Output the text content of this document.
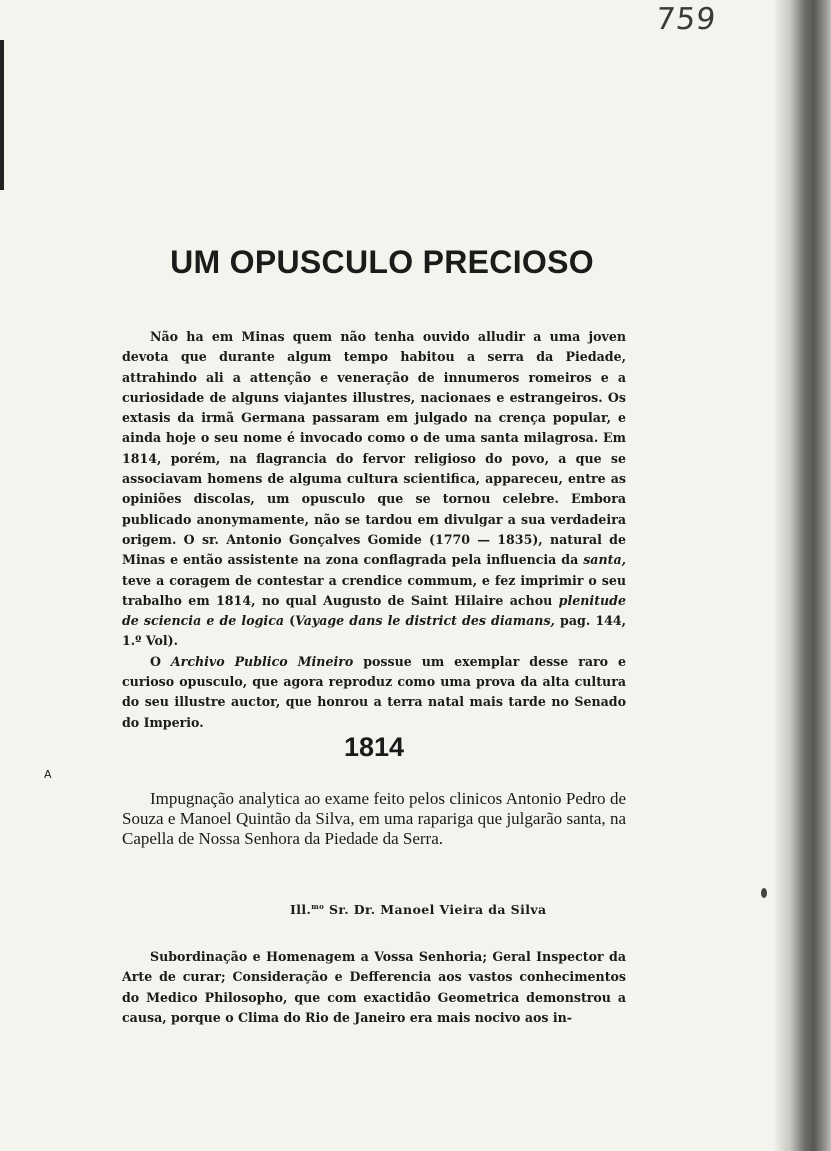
759
UM OPUSCULO PRECIOSO

Não ha em Minas quem não tenha ouvido alludir a uma joven devota que durante algum tempo habitou a serra da Piedade, attrahindo ali a attenção e veneração de innumeros romeiros e a curiosidade de alguns viajantes illustres, nacionaes e estrangeiros. Os extasis da irmã Germana passaram em julgado na crença popular, e ainda hoje o seu nome é invocado como o de uma santa milagrosa. Em 1814, porém, na flagrancia do fervor religioso do povo, a que se associavam homens de alguma cultura scientifica, appareceu, entre as opiniões discolas, um opusculo que se tornou celebre. Embora publicado anonymamente, não se tardou em divulgar a sua verdadeira origem. O sr. Antonio Gonçalves Gomide (1770 — 1835), natural de Minas e então assistente na zona conflagrada pela influencia da santa, teve a coragem de contestar a crendice commum, e fez imprimir o seu trabalho em 1814, no qual Augusto de Saint Hilaire achou plenitude de sciencia e de logica (Vayage dans le district des diamans, pag. 144, 1.º Vol).

O Archivo Publico Mineiro possue um exemplar desse raro e curioso opusculo, que agora reproduz como uma prova da alta cultura do seu illustre auctor, que honrou a terra natal mais tarde no Senado do Imperio.

A
1814

Impugnação analytica ao exame feito pelos clinicos Antonio Pedro de Souza e Manoel Quintão da Silva, em uma rapariga que julgarão santa, na Capella de Nossa Senhora da Piedade da Serra.

Ill.$^{mo}$ Sr. Dr. Manoel Vieira da Silva

Subordinação e Homenagem a Vossa Senhoria; Geral Inspector da Arte de curar; Consideração e Defferencia aos vastos conhecimentos do Medico Philosopho, que com exactidão Geometrica demonstrou a causa, porque o Clima do Rio de Janeiro era mais nocivo aos in-
